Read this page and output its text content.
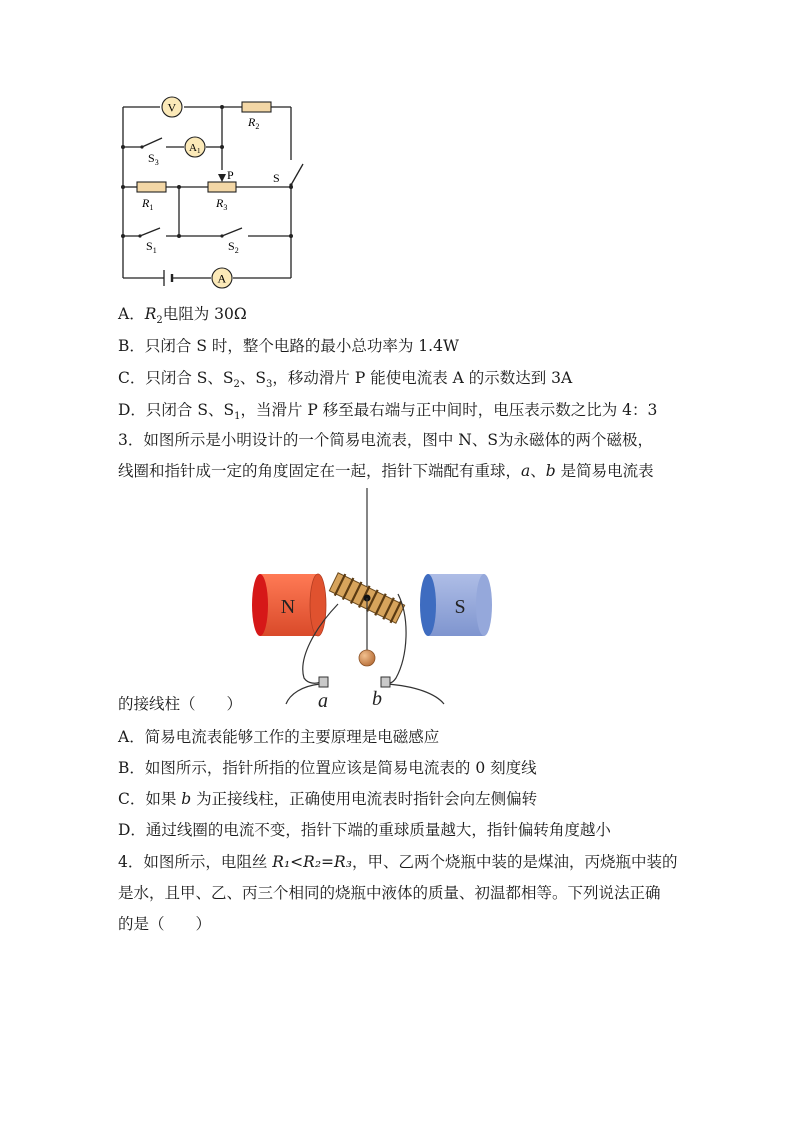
V
A1
A
$R_2$
$S_3$
P	S
$R_1$	$R_3$
$S_1$	$S_2$
A．$R_2$电阻为 30Ω
B．只闭合 S 时，整个电路的最小总功率为 1.4W
C．只闭合 S、$S_2$、$S_3$，移动滑片 P 能使电流表 A 的示数达到 3A
D．只闭合 S、$S_1$，当滑片 P 移至最右端与正中间时，电压表示数之比为 4：3
3．如图所示是小明设计的一个简易电流表，图中 N、S为永磁体的两个磁极，
线圈和指针成一定的角度固定在一起，指针下端配有重球，a、b 是简易电流表
N	S
a b
的接线柱（　　）
A．简易电流表能够工作的主要原理是电磁感应
B．如图所示，指针所指的位置应该是简易电流表的 0 刻度线
C．如果 b 为正接线柱，正确使用电流表时指针会向左侧偏转
D．通过线圈的电流不变，指针下端的重球质量越大，指针偏转角度越小
4．如图所示，电阻丝 R₁<R₂=R₃，甲、乙两个烧瓶中装的是煤油，丙烧瓶中装的
是水，且甲、乙、丙三个相同的烧瓶中液体的质量、初温都相等。下列说法正确
的是（　　）
